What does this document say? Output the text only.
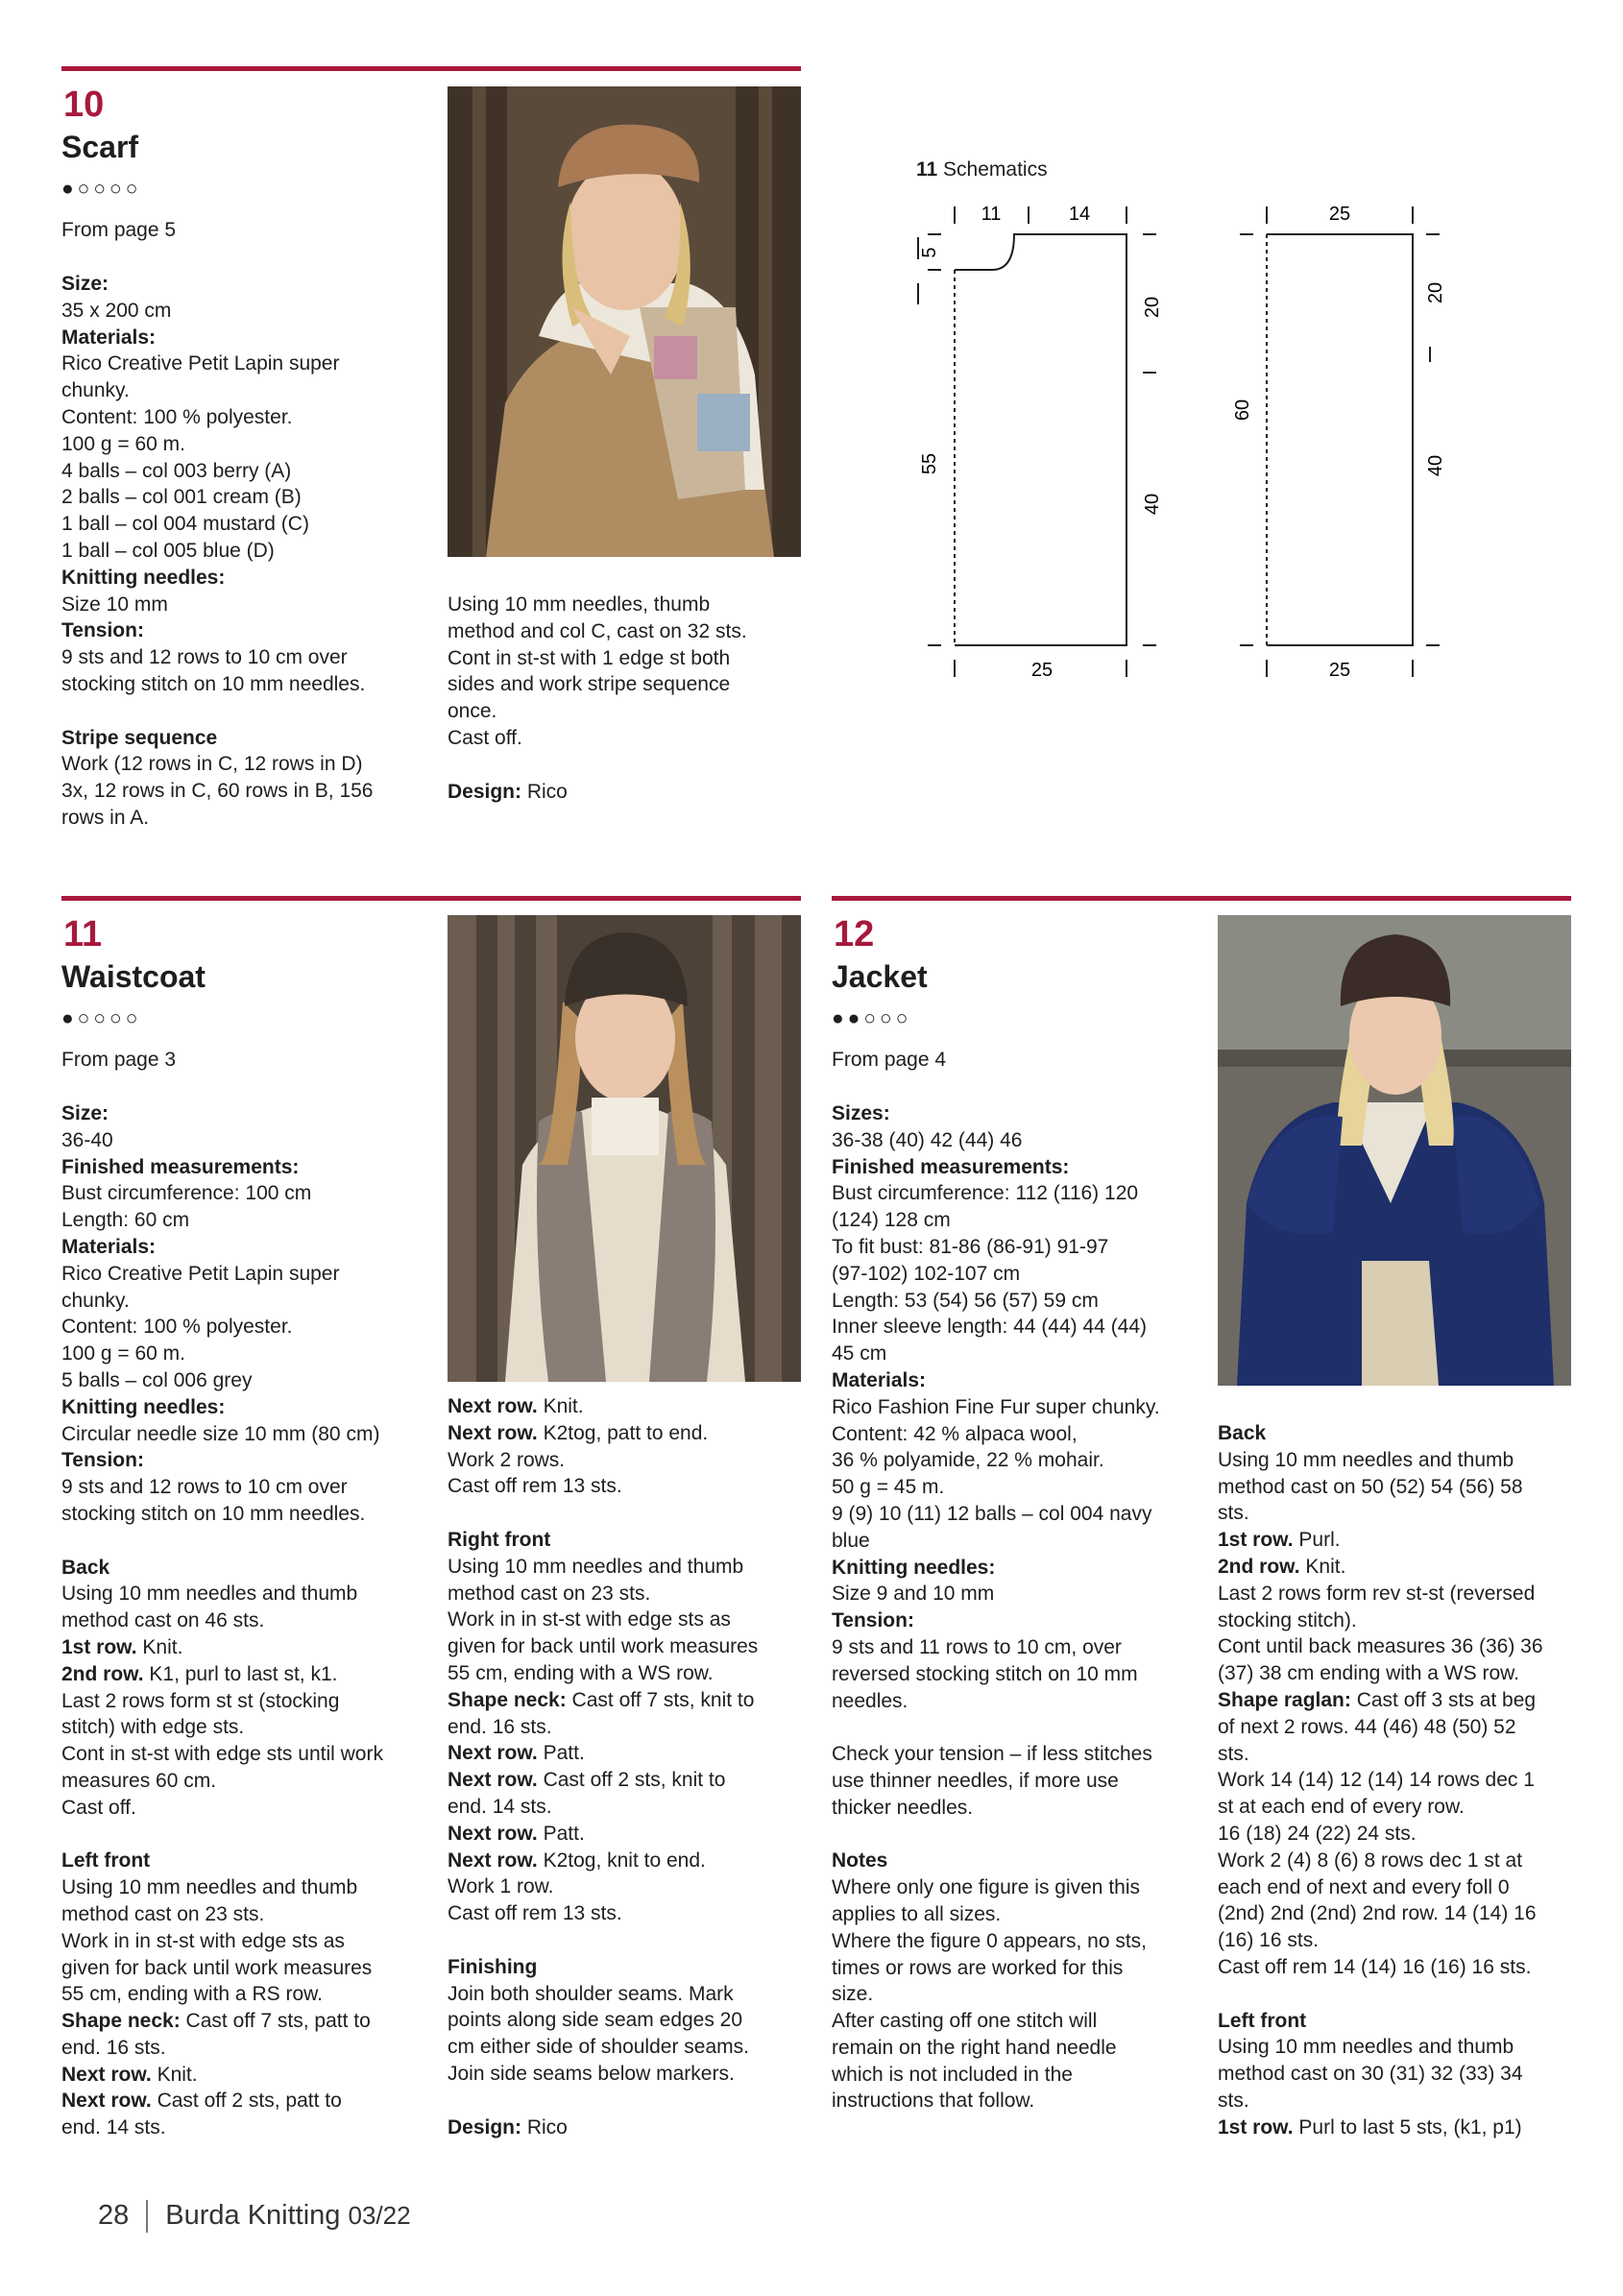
10
Scarf
●○○○○
From page 5

Size:

35 x 200 cm

Materials:

Rico Creative Petit Lapin super

chunky.

Content: 100 % polyester.

100 g = 60 m.

4 balls – col 003 berry (A)

2 balls – col 001 cream (B)

1 ball – col 004 mustard (C)

1 ball – col 005 blue (D)

Knitting needles:

Size 10 mm

Tension:

9 sts and 12 rows to 10 cm over

stocking stitch on 10 mm needles.

Stripe sequence

Work (12 rows in C, 12 rows in D)

3x, 12 rows in C, 60 rows in B, 156

rows in A.

Using 10 mm needles, thumb

method and col C, cast on 32 sts.

Cont in st-st with 1 edge st both

sides and work stripe sequence

once.

Cast off.

Design: Rico

11 Schematics
11	14
5
55
20
40
25
25
60
20
40
25
11
Waistcoat
●○○○○
From page 3

Size:

36-40

Finished measurements:

Bust circumference: 100 cm

Length: 60 cm

Materials:

Rico Creative Petit Lapin super

chunky.

Content: 100 % polyester.

100 g = 60 m.

5 balls – col 006 grey

Knitting needles:

Circular needle size 10 mm (80 cm)

Tension:

9 sts and 12 rows to 10 cm over

stocking stitch on 10 mm needles.

Back

Using 10 mm needles and thumb

method cast on 46 sts.

1st row. Knit.

2nd row. K1, purl to last st, k1.

Last 2 rows form st st (stocking

stitch) with edge sts.

Cont in st-st with edge sts until work

measures 60 cm.

Cast off.

Left front

Using 10 mm needles and thumb

method cast on 23 sts.

Work in in st-st with edge sts as

given for back until work measures

55 cm, ending with a RS row.

Shape neck: Cast off 7 sts, patt to

end. 16 sts.

Next row. Knit.

Next row. Cast off 2 sts, patt to

end. 14 sts.

Next row. Knit.

Next row. K2tog, patt to end.

Work 2 rows.

Cast off rem 13 sts.

Right front

Using 10 mm needles and thumb

method cast on 23 sts.

Work in in st-st with edge sts as

given for back until work measures

55 cm, ending with a WS row.

Shape neck: Cast off 7 sts, knit to

end. 16 sts.

Next row. Patt.

Next row. Cast off 2 sts, knit to

end. 14 sts.

Next row. Patt.

Next row. K2tog, knit to end.

Work 1 row.

Cast off rem 13 sts.

Finishing

Join both shoulder seams. Mark

points along side seam edges 20

cm either side of shoulder seams.

Join side seams below markers.

Design: Rico

12
Jacket
●●○○○
From page 4

Sizes:

36-38 (40) 42 (44) 46

Finished measurements:

Bust circumference: 112 (116) 120

(124) 128 cm

To fit bust: 81-86 (86-91) 91-97

(97-102) 102-107 cm

Length: 53 (54) 56 (57) 59 cm

Inner sleeve length: 44 (44) 44 (44)

45 cm

Materials:

Rico Fashion Fine Fur super chunky.

Content: 42 % alpaca wool,

36 % polyamide, 22 % mohair.

50 g = 45 m.

9 (9) 10 (11) 12 balls – col 004 navy

blue

Knitting needles:

Size 9 and 10 mm

Tension:

9 sts and 11 rows to 10 cm, over

reversed stocking stitch on 10 mm

needles.

Check your tension – if less stitches

use thinner needles, if more use

thicker needles.

Notes

Where only one figure is given this

applies to all sizes.

Where the figure 0 appears, no sts,

times or rows are worked for this

size.

After casting off one stitch will

remain on the right hand needle

which is not included in the

instructions that follow.

Back

Using 10 mm needles and thumb

method cast on 50 (52) 54 (56) 58

sts.

1st row. Purl.

2nd row. Knit.

Last 2 rows form rev st-st (reversed

stocking stitch).

Cont until back measures 36 (36) 36

(37) 38 cm ending with a WS row.

Shape raglan: Cast off 3 sts at beg

of next 2 rows. 44 (46) 48 (50) 52

sts.

Work 14 (14) 12 (14) 14 rows dec 1

st at each end of every row.

16 (18) 24 (22) 24 sts.

Work 2 (4) 8 (6) 8 rows dec 1 st at

each end of next and every foll 0

(2nd) 2nd (2nd) 2nd row. 14 (14) 16

(16) 16 sts.

Cast off rem 14 (14) 16 (16) 16 sts.

Left front

Using 10 mm needles and thumb

method cast on 30 (31) 32 (33) 34

sts.

1st row. Purl to last 5 sts, (k1, p1)

28 Burda Knitting 03/22
